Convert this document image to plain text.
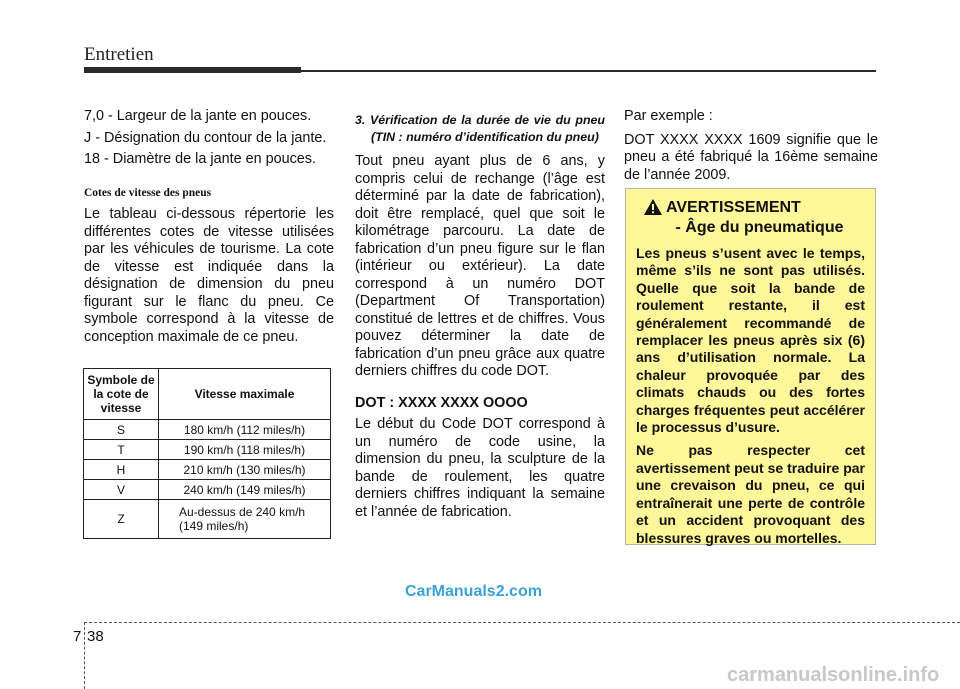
Entretien

7,0 - Largeur de la jante en pouces.

J - Désignation du contour de la jante.

18 - Diamètre de la jante en pouces.

Cotes de vitesse des pneus

Le tableau ci-dessous répertorie les différentes cotes de vitesse utilisées par les véhicules de tourisme. La cote de vitesse est indiquée dans la désignation de dimension du pneu figurant sur le flanc du pneu. Ce symbole correspond à la vitesse de conception maximale de ce pneu.

Symbole de la cote de vitesse	Vitesse maximale
S	180 km/h (112 miles/h)
T	190 km/h (118 miles/h)
H	210 km/h (130 miles/h)
V	240 km/h (149 miles/h)
Z	Au-dessus de 240 km/h (149 miles/h)

3. Vérification de la durée de vie du pneu (TIN : numéro d’identification du pneu)

Tout pneu ayant plus de 6 ans, y compris celui de rechange (l’âge est déterminé par la date de fabrication), doit être remplacé, quel que soit le kilométrage parcouru. La date de fabrication d’un pneu figure sur le flan (intérieur ou extérieur). La date correspond à un numéro DOT (Department Of Transportation) constitué de lettres et de chiffres. Vous pouvez déterminer la date de fabrication d’un pneu grâce aux quatre derniers chiffres du code DOT.

DOT : XXXX XXXX OOOO

Le début du Code DOT correspond à un numéro de code usine, la dimension du pneu, la sculpture de la bande de roulement, les quatre derniers chiffres indiquant la semaine et l’année de fabrication.

Par exemple :

DOT XXXX XXXX 1609 signifie que le pneu a été fabriqué la 16ème semaine de l’année 2009.

AVERTISSEMENT
- Âge du pneumatique

Les pneus s’usent avec le temps, même s’ils ne sont pas utilisés. Quelle que soit la bande de roulement restante, il est généralement recommandé de remplacer les pneus après six (6) ans d’utilisation normale. La chaleur provoquée par des climats chauds ou des fortes charges fréquentes peut accélérer le processus d’usure.

Ne pas respecter cet avertissement peut se traduire par une crevaison du pneu, ce qui entraînerait une perte de contrôle et un accident provoquant des blessures graves ou mortelles.

CarManuals2.com
7 38
carmanualsonline.info
